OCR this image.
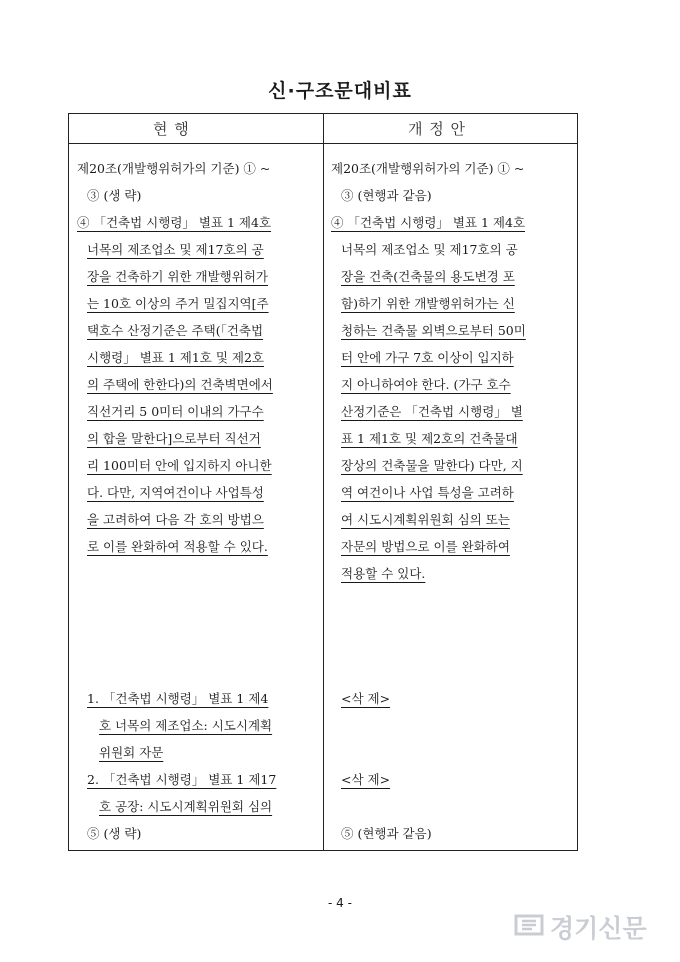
신·구조문대비표
현 행	개 정 안
제20조(개발행위허가의 기준) ① ~
③ (생 략)
④ 「건축법 시행령」 별표 1 제4호
너목의 제조업소 및 제17호의 공
장을 건축하기 위한 개발행위허가
는 10호 이상의 주거 밀집지역[주
택호수 산정기준은 주택(「건축법
시행령」 별표 1 제1호 및 제2호
의 주택에 한한다)의 건축벽면에서
직선거리 5 0미터 이내의 가구수
의 합을 말한다]으로부터 직선거
리 100미터 안에 입지하지 아니한
다. 다만, 지역여건이나 사업특성
을 고려하여 다음 각 호의 방법으
로 이를 완화하여 적용할 수 있다.
1. 「건축법 시행령」 별표 1 제4
호 너목의 제조업소: 시도시계획
위원회 자문
2. 「건축법 시행령」 별표 1 제17
호 공장: 시도시계획위원회 심의
⑤ (생 략)
제20조(개발행위허가의 기준) ① ~
③ (현행과 같음)
④ 「건축법 시행령」 별표 1 제4호
너목의 제조업소 및 제17호의 공
장을 건축(건축물의 용도변경 포
함)하기 위한 개발행위허가는 신
청하는 건축물 외벽으로부터 50미
터 안에 가구 7호 이상이 입지하
지 아니하여야 한다. (가구 호수
산정기준은 「건축법 시행령」 별
표 1 제1호 및 제2호의 건축물대
장상의 건축물을 말한다) 다만, 지
역 여건이나 사업 특성을 고려하
여 시도시계획위원회 심의 또는
자문의 방법으로 이를 완화하여
적용할 수 있다.
<삭 제>
<삭 제>
⑤ (현행과 같음)
- 4 -
경기신문
